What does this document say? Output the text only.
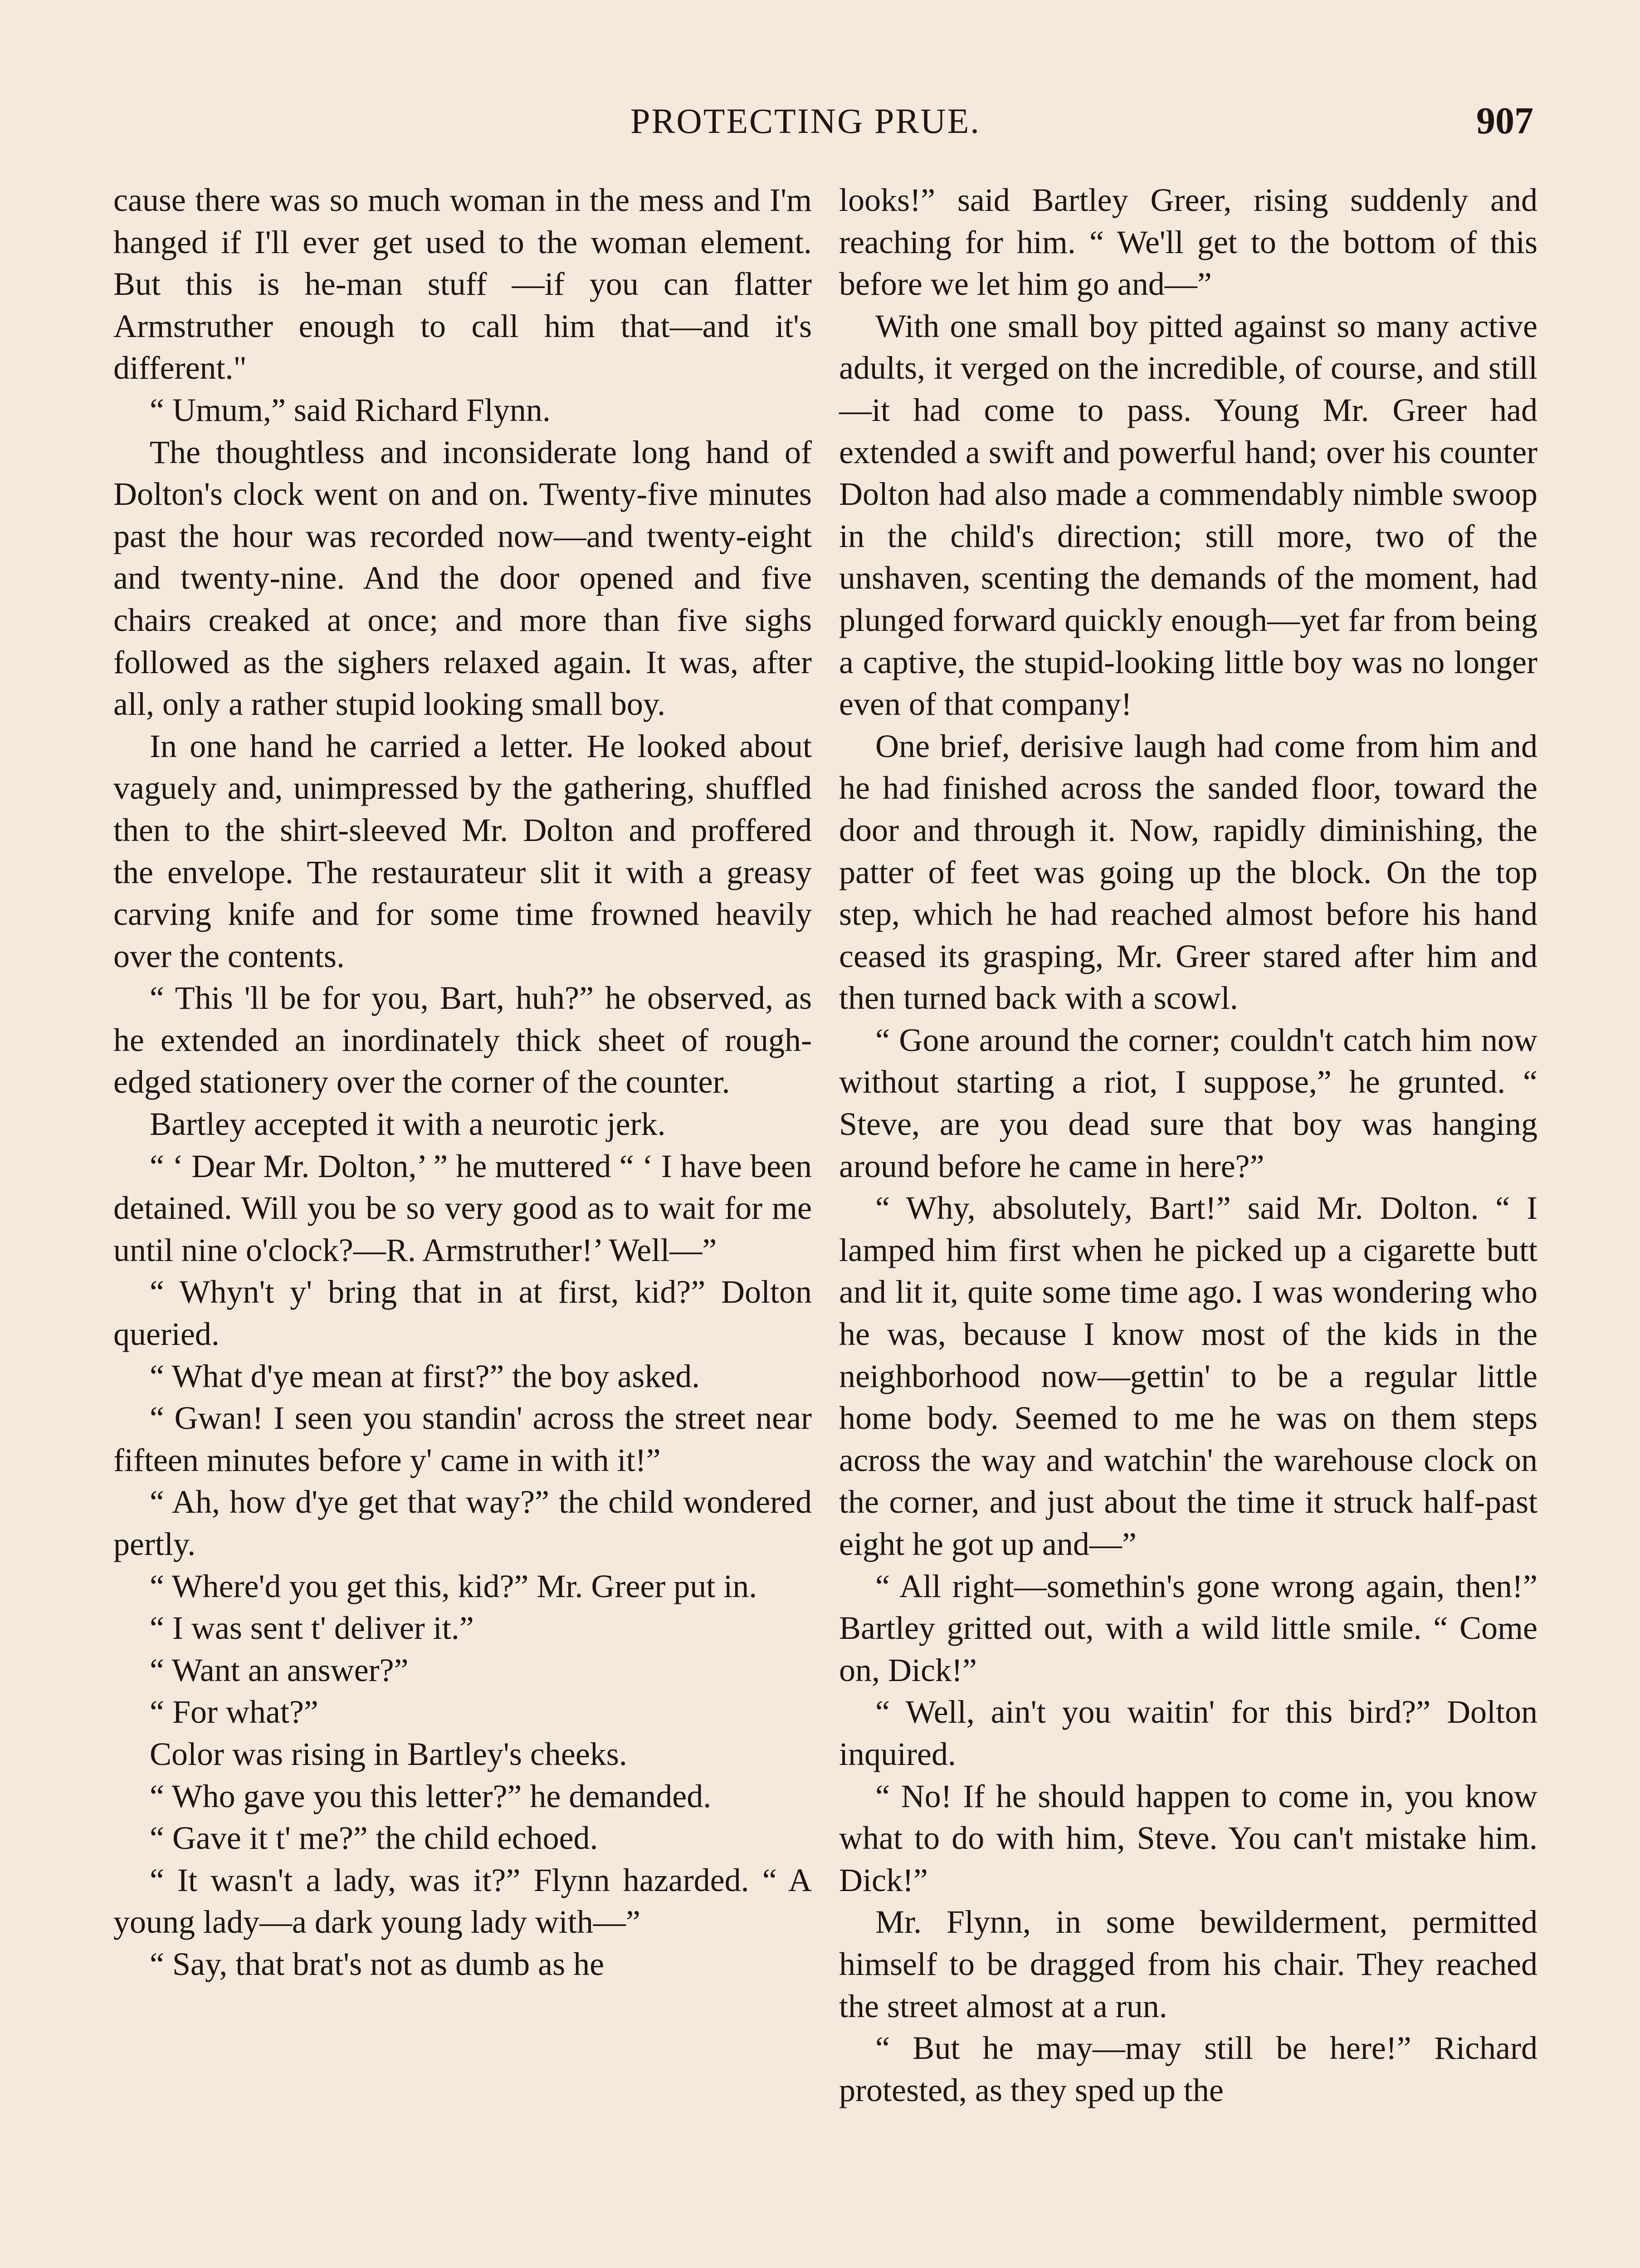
PROTECTING PRUE.	907

cause there was so much woman in the mess and I'm hanged if I'll ever get used to the woman element. But this is he-man stuff —if you can flatter Armstruther enough to call him that—and it's different."

“ Umum,” said Richard Flynn.

The thoughtless and inconsiderate long hand of Dolton's clock went on and on. Twenty-five minutes past the hour was recorded now—and twenty-eight and twenty-nine. And the door opened and five chairs creaked at once; and more than five sighs followed as the sighers relaxed again. It was, after all, only a rather stupid looking small boy.

In one hand he carried a letter. He looked about vaguely and, unimpressed by the gathering, shuffled then to the shirt-sleeved Mr. Dolton and proffered the envelope. The restaurateur slit it with a greasy carving knife and for some time frowned heavily over the contents.

“ This 'll be for you, Bart, huh?” he observed, as he extended an inordinately thick sheet of rough-edged stationery over the corner of the counter.

Bartley accepted it with a neurotic jerk.

“ ‘ Dear Mr. Dolton,’ ” he muttered “ ‘ I have been detained. Will you be so very good as to wait for me until nine o'clock?—R. Armstruther!’ Well—”

“ Whyn't y' bring that in at first, kid?” Dolton queried.

“ What d'ye mean at first?” the boy asked.

“ Gwan! I seen you standin' across the street near fifteen minutes before y' came in with it!”

“ Ah, how d'ye get that way?” the child wondered pertly.

“ Where'd you get this, kid?” Mr. Greer put in.

“ I was sent t' deliver it.”

“ Want an answer?”

“ For what?”

Color was rising in Bartley's cheeks.

“ Who gave you this letter?” he demanded.

“ Gave it t' me?” the child echoed.

“ It wasn't a lady, was it?” Flynn hazarded. “ A young lady—a dark young lady with—”

“ Say, that brat's not as dumb as he

looks!” said Bartley Greer, rising suddenly and reaching for him. “ We'll get to the bottom of this before we let him go and—”

With one small boy pitted against so many active adults, it verged on the incredible, of course, and still—it had come to pass. Young Mr. Greer had extended a swift and powerful hand; over his counter Dolton had also made a commendably nimble swoop in the child's direction; still more, two of the unshaven, scenting the demands of the moment, had plunged forward quickly enough—yet far from being a captive, the stupid-looking little boy was no longer even of that company!

One brief, derisive laugh had come from him and he had finished across the sanded floor, toward the door and through it. Now, rapidly diminishing, the patter of feet was going up the block. On the top step, which he had reached almost before his hand ceased its grasping, Mr. Greer stared after him and then turned back with a scowl.

“ Gone around the corner; couldn't catch him now without starting a riot, I suppose,” he grunted. “ Steve, are you dead sure that boy was hanging around before he came in here?”

“ Why, absolutely, Bart!” said Mr. Dolton. “ I lamped him first when he picked up a cigarette butt and lit it, quite some time ago. I was wondering who he was, because I know most of the kids in the neighborhood now—gettin' to be a regular little home body. Seemed to me he was on them steps across the way and watchin' the warehouse clock on the corner, and just about the time it struck half-past eight he got up and—”

“ All right—somethin's gone wrong again, then!” Bartley gritted out, with a wild little smile. “ Come on, Dick!”

“ Well, ain't you waitin' for this bird?” Dolton inquired.

“ No! If he should happen to come in, you know what to do with him, Steve. You can't mistake him. Dick!”

Mr. Flynn, in some bewilderment, permitted himself to be dragged from his chair. They reached the street almost at a run.

“ But he may—may still be here!” Richard protested, as they sped up the
